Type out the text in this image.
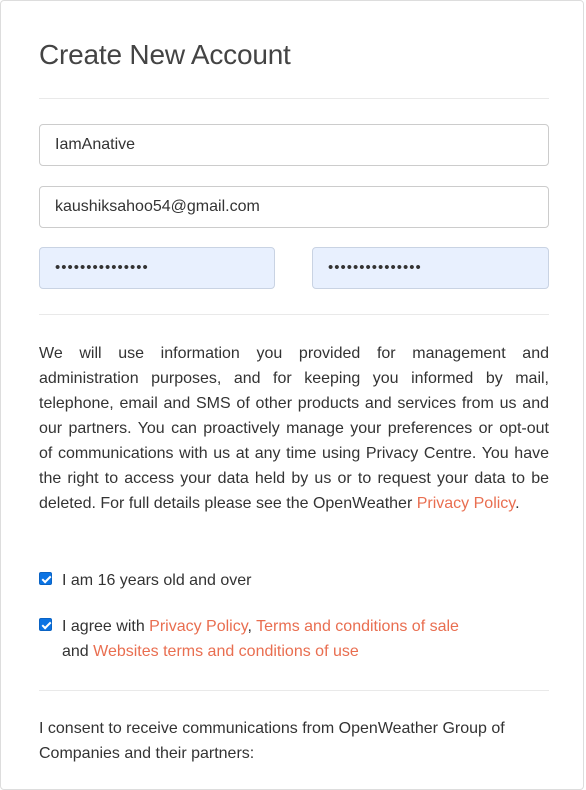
Create New Account
IamAnative
kaushiksahoo54@gmail.com
•••••••••••••••	•••••••••••••••

We will use information you provided for management and administration purposes, and for keeping you informed by mail, telephone, email and SMS of other products and services from us and our partners. You can proactively manage your preferences or opt-out of communications with us at any time using Privacy Centre. You have the right to access your data held by us or to request your data to be deleted. For full details please see the OpenWeather Privacy Policy.

I am 16 years old and over
I agree with Privacy Policy, Terms and conditions of sale and Websites terms and conditions of use

I consent to receive communications from OpenWeather Group of Companies and their partners:
